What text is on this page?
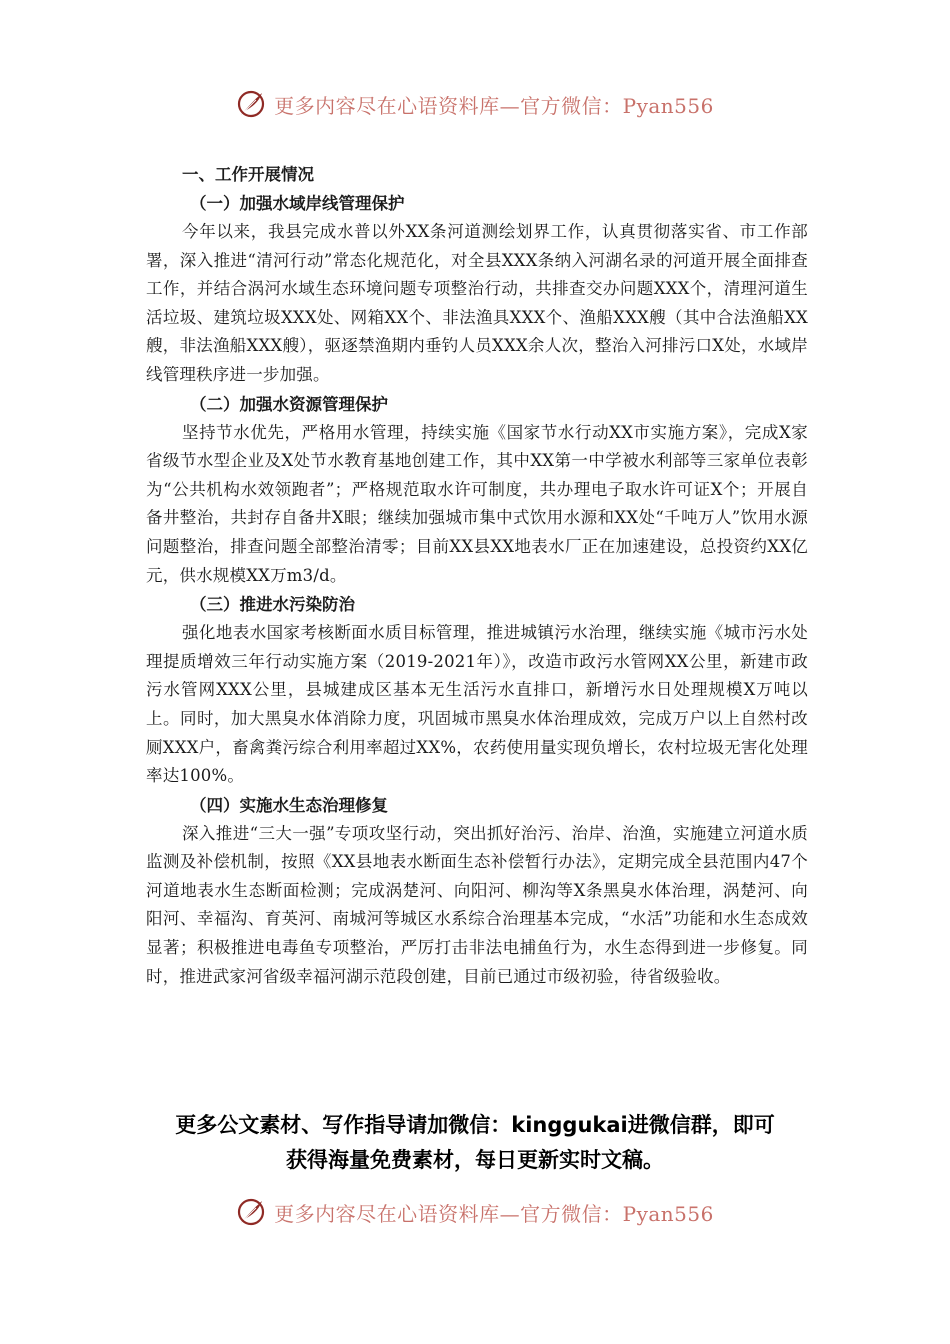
更多内容尽在心语资料库—官方微信：Pyan556
一、工作开展情况
（一）加强水域岸线管理保护

今年以来，我县完成水普以外XX条河道测绘划界工作，认真贯彻落实省、市工作部署，深入推进“清河行动”常态化规范化，对全县XXX条纳入河湖名录的河道开展全面排查工作，并结合涡河水域生态环境问题专项整治行动，共排查交办问题XXX个，清理河道生活垃圾、建筑垃圾XXX处、网箱XX个、非法渔具XXX个、渔船XXX艘（其中合法渔船XX艘，非法渔船XXX艘），驱逐禁渔期内垂钓人员XXX余人次，整治入河排污口X处，水域岸线管理秩序进一步加强。

（二）加强水资源管理保护

坚持节水优先，严格用水管理，持续实施《国家节水行动XX市实施方案》，完成X家省级节水型企业及X处节水教育基地创建工作，其中XX第一中学被水利部等三家单位表彰为“公共机构水效领跑者”；严格规范取水许可制度，共办理电子取水许可证X个；开展自备井整治，共封存自备井X眼；继续加强城市集中式饮用水源和XX处“千吨万人”饮用水源问题整治，排查问题全部整治清零；目前XX县XX地表水厂正在加速建设，总投资约XX亿元，供水规模XX万m3/d。

（三）推进水污染防治

强化地表水国家考核断面水质目标管理，推进城镇污水治理，继续实施《城市污水处理提质增效三年行动实施方案（2019-2021年）》，改造市政污水管网XX公里，新建市政污水管网XXX公里，县城建成区基本无生活污水直排口，新增污水日处理规模X万吨以上。同时，加大黑臭水体消除力度，巩固城市黑臭水体治理成效，完成万户以上自然村改厕XXX户，畜禽粪污综合利用率超过XX%，农药使用量实现负增长，农村垃圾无害化处理率达100%。

（四）实施水生态治理修复

深入推进“三大一强”专项攻坚行动，突出抓好治污、治岸、治渔，实施建立河道水质监测及补偿机制，按照《XX县地表水断面生态补偿暂行办法》，定期完成全县范围内47个河道地表水生态断面检测；完成涡楚河、向阳河、柳沟等X条黑臭水体治理，涡楚河、向阳河、幸福沟、育英河、南城河等城区水系综合治理基本完成，“水活”功能和水生态成效显著；积极推进电毒鱼专项整治，严厉打击非法电捕鱼行为，水生态得到进一步修复。同时，推进武家河省级幸福河湖示范段创建，目前已通过市级初验，待省级验收。

更多公文素材、写作指导请加微信：kinggukai进微信群，即可
获得海量免费素材，每日更新实时文稿。
更多内容尽在心语资料库—官方微信：Pyan556
